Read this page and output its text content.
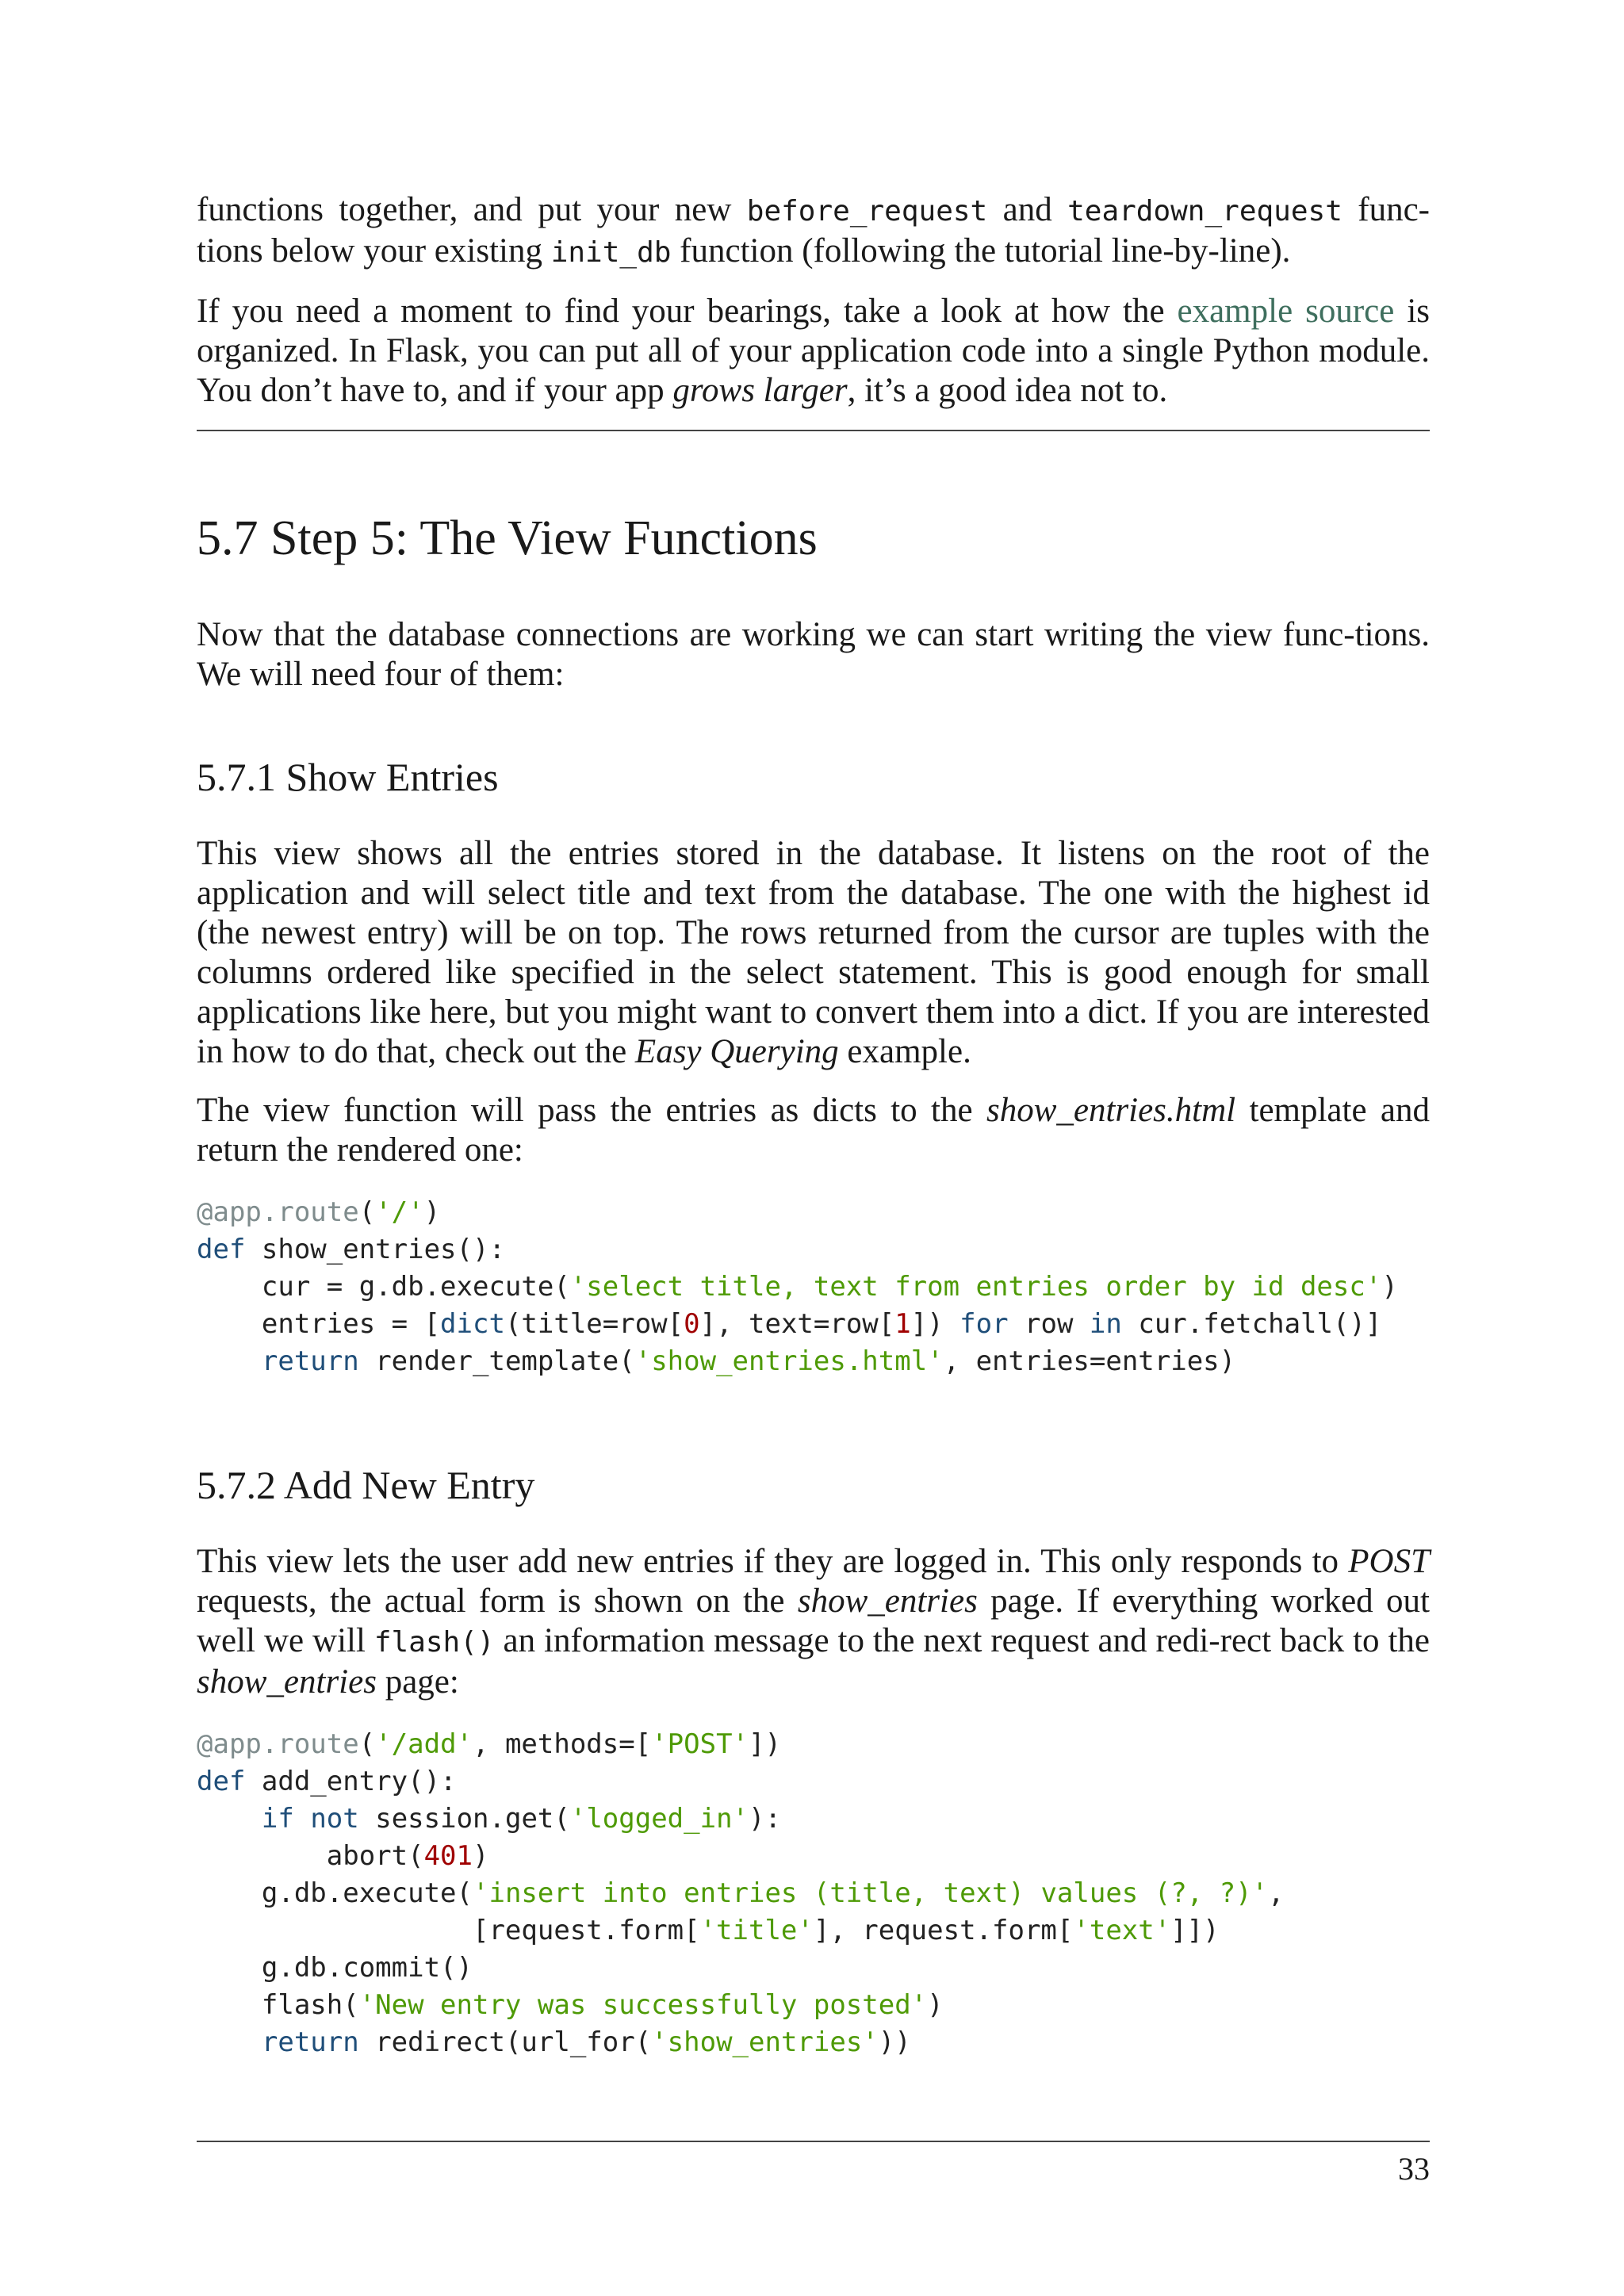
functions together, and put your new before_request and teardown_request func-tions below your existing init_db function (following the tutorial line-by-line).

If you need a moment to find your bearings, take a look at how the example source is organized. In Flask, you can put all of your application code into a single Python module. You don’t have to, and if your app grows larger, it’s a good idea not to.

5.7 Step 5: The View Functions

Now that the database connections are working we can start writing the view func-tions. We will need four of them:

5.7.1 Show Entries

This view shows all the entries stored in the database. It listens on the root of the application and will select title and text from the database. The one with the highest id (the newest entry) will be on top. The rows returned from the cursor are tuples with the columns ordered like specified in the select statement. This is good enough for small applications like here, but you might want to convert them into a dict. If you are interested in how to do that, check out the Easy Querying example.

The view function will pass the entries as dicts to the show_entries.html template and return the rendered one:

@app.route('/')
def show_entries():
cur = g.db.execute('select title, text from entries order by id desc')
entries = [dict(title=row[0], text=row[1]) for row in cur.fetchall()]
return render_template('show_entries.html', entries=entries)
5.7.2 Add New Entry

This view lets the user add new entries if they are logged in. This only responds to POST requests, the actual form is shown on the show_entries page. If everything worked out well we will flash() an information message to the next request and redi-rect back to the show_entries page:

@app.route('/add', methods=['POST'])
def add_entry():
if not session.get('logged_in'):
abort(401)
g.db.execute('insert into entries (title, text) values (?, ?)',
[request.form['title'], request.form['text']])
g.db.commit()
flash('New entry was successfully posted')
return redirect(url_for('show_entries'))
33
